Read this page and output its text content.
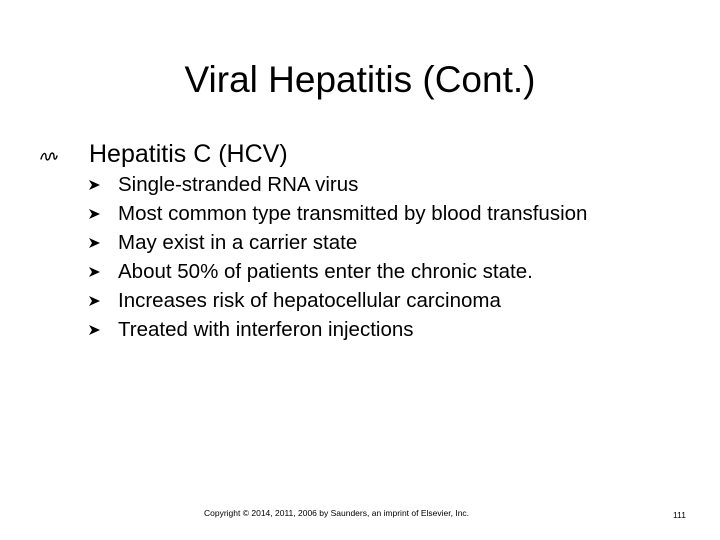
Viral Hepatitis (Cont.)
Hepatitis C (HCV)
Single-stranded RNA virus
Most common type transmitted by blood transfusion
May exist in a carrier state
About 50% of patients enter the chronic state.
Increases risk of hepatocellular carcinoma
Treated with interferon injections
Copyright © 2014, 2011, 2006 by Saunders, an imprint of Elsevier, Inc.	111
